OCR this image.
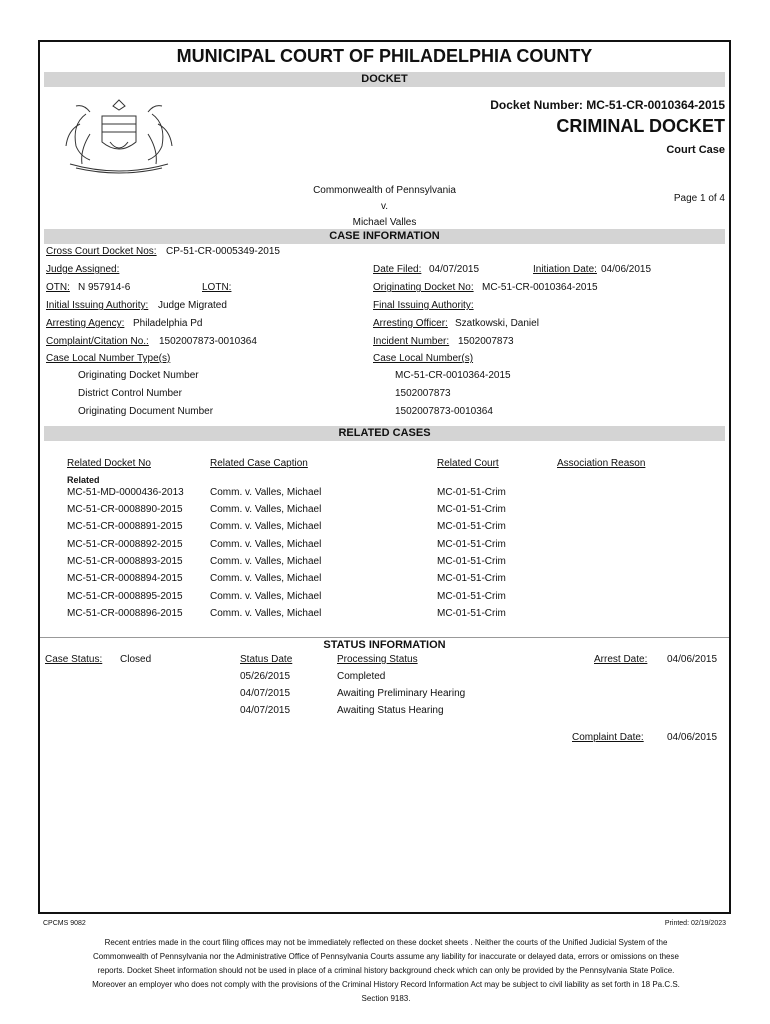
MUNICIPAL COURT OF PHILADELPHIA COUNTY
DOCKET
Docket Number: MC-51-CR-0010364-2015
CRIMINAL DOCKET
Court Case
Commonwealth of Pennsylvania
v.
Michael Valles
Page 1 of 4
CASE INFORMATION
Cross Court Docket Nos: CP-51-CR-0005349-2015
Judge Assigned:	Date Filed: 04/07/2015	Initiation Date: 04/06/2015
OTN: N 957914-6	LOTN:	Originating Docket No: MC-51-CR-0010364-2015
Initial Issuing Authority: Judge Migrated	Final Issuing Authority:
Arresting Agency: Philadelphia Pd	Arresting Officer: Szatkowski, Daniel
Complaint/Citation No.: 1502007873-0010364	Incident Number: 1502007873
Case Local Number Type(s)	Case Local Number(s)
Originating Docket Number	MC-51-CR-0010364-2015
District Control Number	1502007873
Originating Document Number	1502007873-0010364
RELATED CASES
Related Docket No	Related Case Caption	Related Court	Association Reason
Related
MC-51-MD-0000436-2013	Comm. v. Valles, Michael	MC-01-51-Crim
MC-51-CR-0008890-2015	Comm. v. Valles, Michael	MC-01-51-Crim
MC-51-CR-0008891-2015	Comm. v. Valles, Michael	MC-01-51-Crim
MC-51-CR-0008892-2015	Comm. v. Valles, Michael	MC-01-51-Crim
MC-51-CR-0008893-2015	Comm. v. Valles, Michael	MC-01-51-Crim
MC-51-CR-0008894-2015	Comm. v. Valles, Michael	MC-01-51-Crim
MC-51-CR-0008895-2015	Comm. v. Valles, Michael	MC-01-51-Crim
MC-51-CR-0008896-2015	Comm. v. Valles, Michael	MC-01-51-Crim
STATUS INFORMATION
Case Status: Closed	Status Date	Processing Status	Arrest Date: 04/06/2015
05/26/2015	Completed
04/07/2015	Awaiting Preliminary Hearing
04/07/2015	Awaiting Status Hearing
Complaint Date: 04/06/2015
CPCMS 9082	Printed: 02/19/2023
Recent entries made in the court filing offices may not be immediately reflected on these docket sheets . Neither the courts of the Unified Judicial System of the Commonwealth of Pennsylvania nor the Administrative Office of Pennsylvania Courts assume any liability for inaccurate or delayed data, errors or omissions on these reports. Docket Sheet information should not be used in place of a criminal history background check which can only be provided by the Pennsylvania State Police. Moreover an employer who does not comply with the provisions of the Criminal History Record Information Act may be subject to civil liability as set forth in 18 Pa.C.S. Section 9183.
